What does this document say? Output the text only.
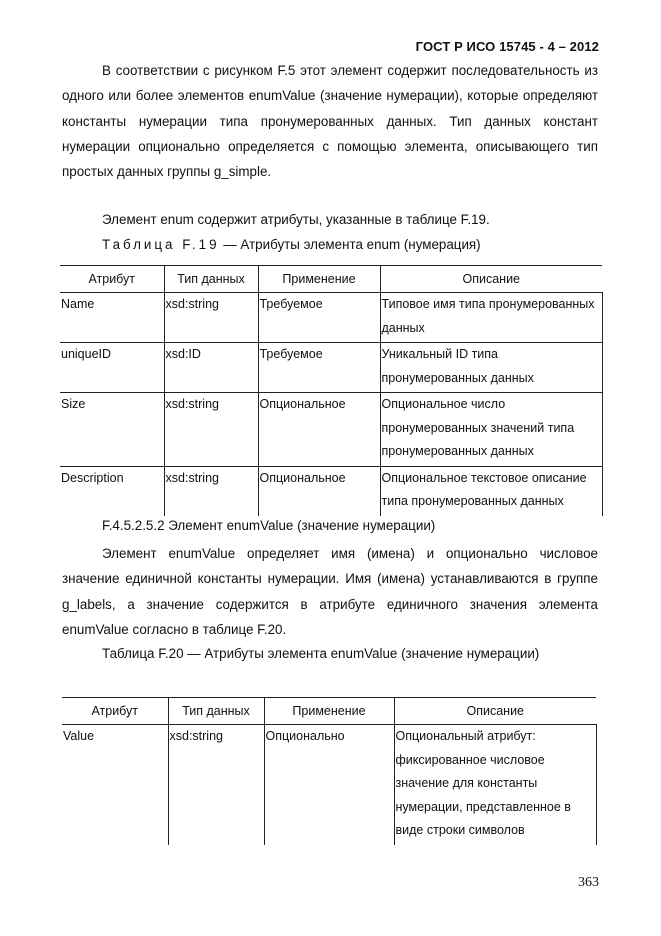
ГОСТ Р ИСО 15745 - 4 – 2012
В соответствии с рисунком F.5 этот элемент содержит последовательность из одного или более элементов enumValue (значение нумерации), которые определяют константы нумерации типа пронумерованных данных. Тип данных констант нумерации опционально определяется с помощью элемента, описывающего тип простых данных группы g_simple.
Элемент enum содержит атрибуты, указанные в таблице F.19.
Таблица F.19 — Атрибуты элемента enum (нумерация)
Атрибут	Тип данных	Применение	Описание
Name	xsd:string	Требуемое	Типовое имя типа пронумерованных данных
uniqueID	xsd:ID	Требуемое	Уникальный ID типа пронумерованных данных
Size	xsd:string	Опциональное	Опциональное число пронумерованных значений типа пронумерованных данных
Description	xsd:string	Опциональное	Опциональное текстовое описание типа пронумерованных данных
F.4.5.2.5.2 Элемент enumValue (значение нумерации)
Элемент enumValue определяет имя (имена) и опционально числовое значение единичной константы нумерации. Имя (имена) устанавливаются в группе g_labels, а значение содержится в атрибуте единичного значения элемента enumValue согласно в таблице F.20.
Таблица F.20 — Атрибуты элемента enumValue (значение нумерации)
Атрибут	Тип данных	Применение	Описание
Value	xsd:string	Опционально	Опциональный атрибут: фиксированное числовое значение для константы нумерации, представленное в виде строки символов
363
